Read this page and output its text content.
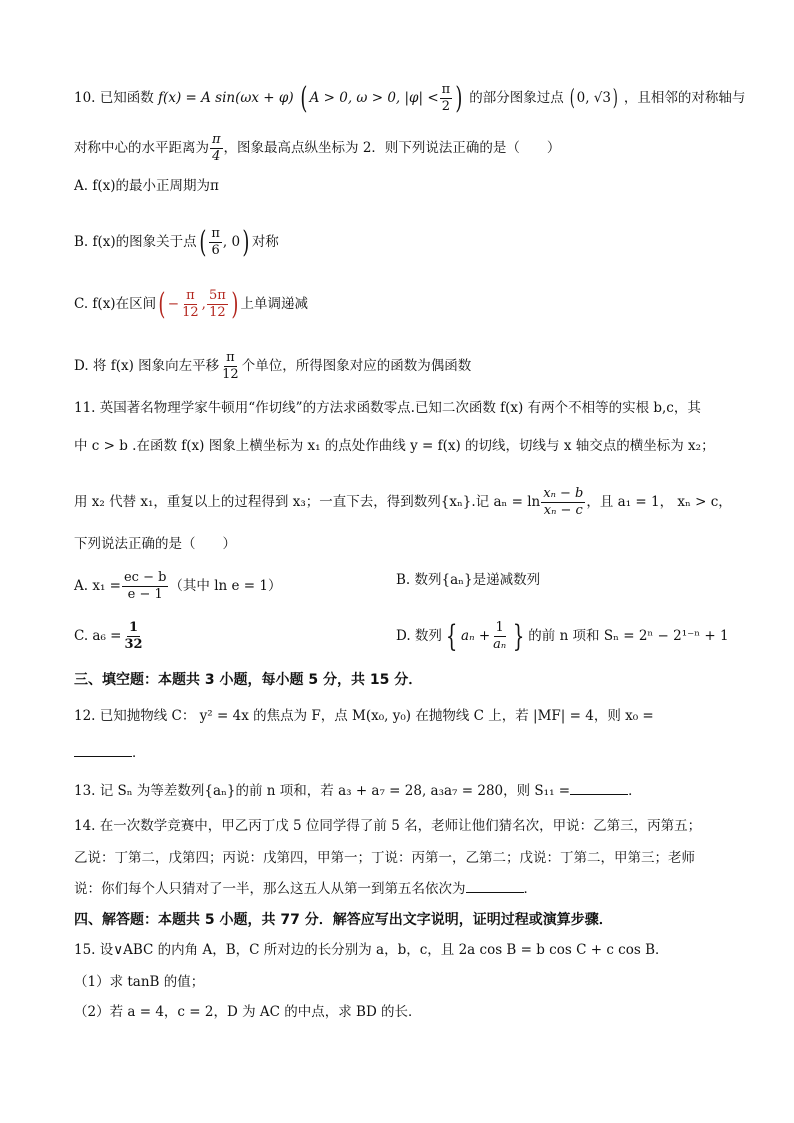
10. 已知函数 f(x) = A sin(ωx + φ) ( A > 0, ω > 0, $|\varphi| < \frac{\pi}{2}$ ) 的部分图象过点 ( 0, √3) ，且相邻的对称轴与
对称中心的水平距离为 $\frac{\pi}{4}$ ，图象最高点纵坐标为 2．则下列说法正确的是（　　）
A. f(x)的最小正周期为π
B. f(x)的图象关于点( $\frac{\pi}{6}$ , 0) 对称
C. f(x)在区间( − $\frac{\pi}{12}$ , $\frac{5\pi}{12}$ ) 上单调递减
D. 将 f(x) 图象向左平移 $\frac{\pi}{12}$ 个单位，所得图象对应的函数为偶函数
11. 英国著名物理学家牛顿用“作切线”的方法求函数零点.已知二次函数 f(x) 有两个不相等的实根 b,c，其
中 c > b .在函数 f(x) 图象上横坐标为 x₁ 的点处作曲线 y = f(x) 的切线，切线与 x 轴交点的横坐标为 x₂；
用 x₂ 代替 x₁，重复以上的过程得到 x₃；一直下去，得到数列{xₙ}.记 $a_n = \ln \frac{\text{xₙ − b}}{\text{xₙ − c}}$ ，且 a₁ = 1， xₙ > c，
下列说法正确的是（　　）
A. $x_1 = \frac{ec - b}{e - 1}$ （其中 ln e = 1）	B. 数列{aₙ}是递减数列
C. $a_6 = \frac{1}{32}$	D. 数列 { $a_n + \frac{1}{\text{aₙ}}$ } 的前 n 项和 Sₙ = 2ⁿ − 2¹⁻ⁿ + 1
三、填空题：本题共 3 小题，每小题 5 分，共 15 分．
12. 已知抛物线 C： y² = 4x 的焦点为 F，点 M(x₀, y₀) 在抛物线 C 上，若 |MF| = 4，则 x₀ =
．
13. 记 Sₙ 为等差数列{aₙ}的前 n 项和，若 a₃ + a₇ = 28, a₃a₇ = 280，则 S₁₁ =	．
14. 在一次数学竞赛中，甲乙丙丁戊 5 位同学得了前 5 名，老师让他们猜名次，甲说：乙第三，丙第五；
乙说：丁第二，戊第四；丙说：戊第四，甲第一；丁说：丙第一，乙第二；戊说：丁第二，甲第三；老师
说：你们每个人只猜对了一半，那么这五人从第一到第五名依次为	．
四、解答题：本题共 5 小题，共 77 分．解答应写出文字说明，证明过程或演算步骤．
15. 设∨ABC 的内角 A，B，C 所对边的长分别为 a，b，c，且 2a cos B = b cos C + c cos B．
（1）求 tanB 的值；
（2）若 a = 4，c = 2，D 为 AC 的中点，求 BD 的长．
